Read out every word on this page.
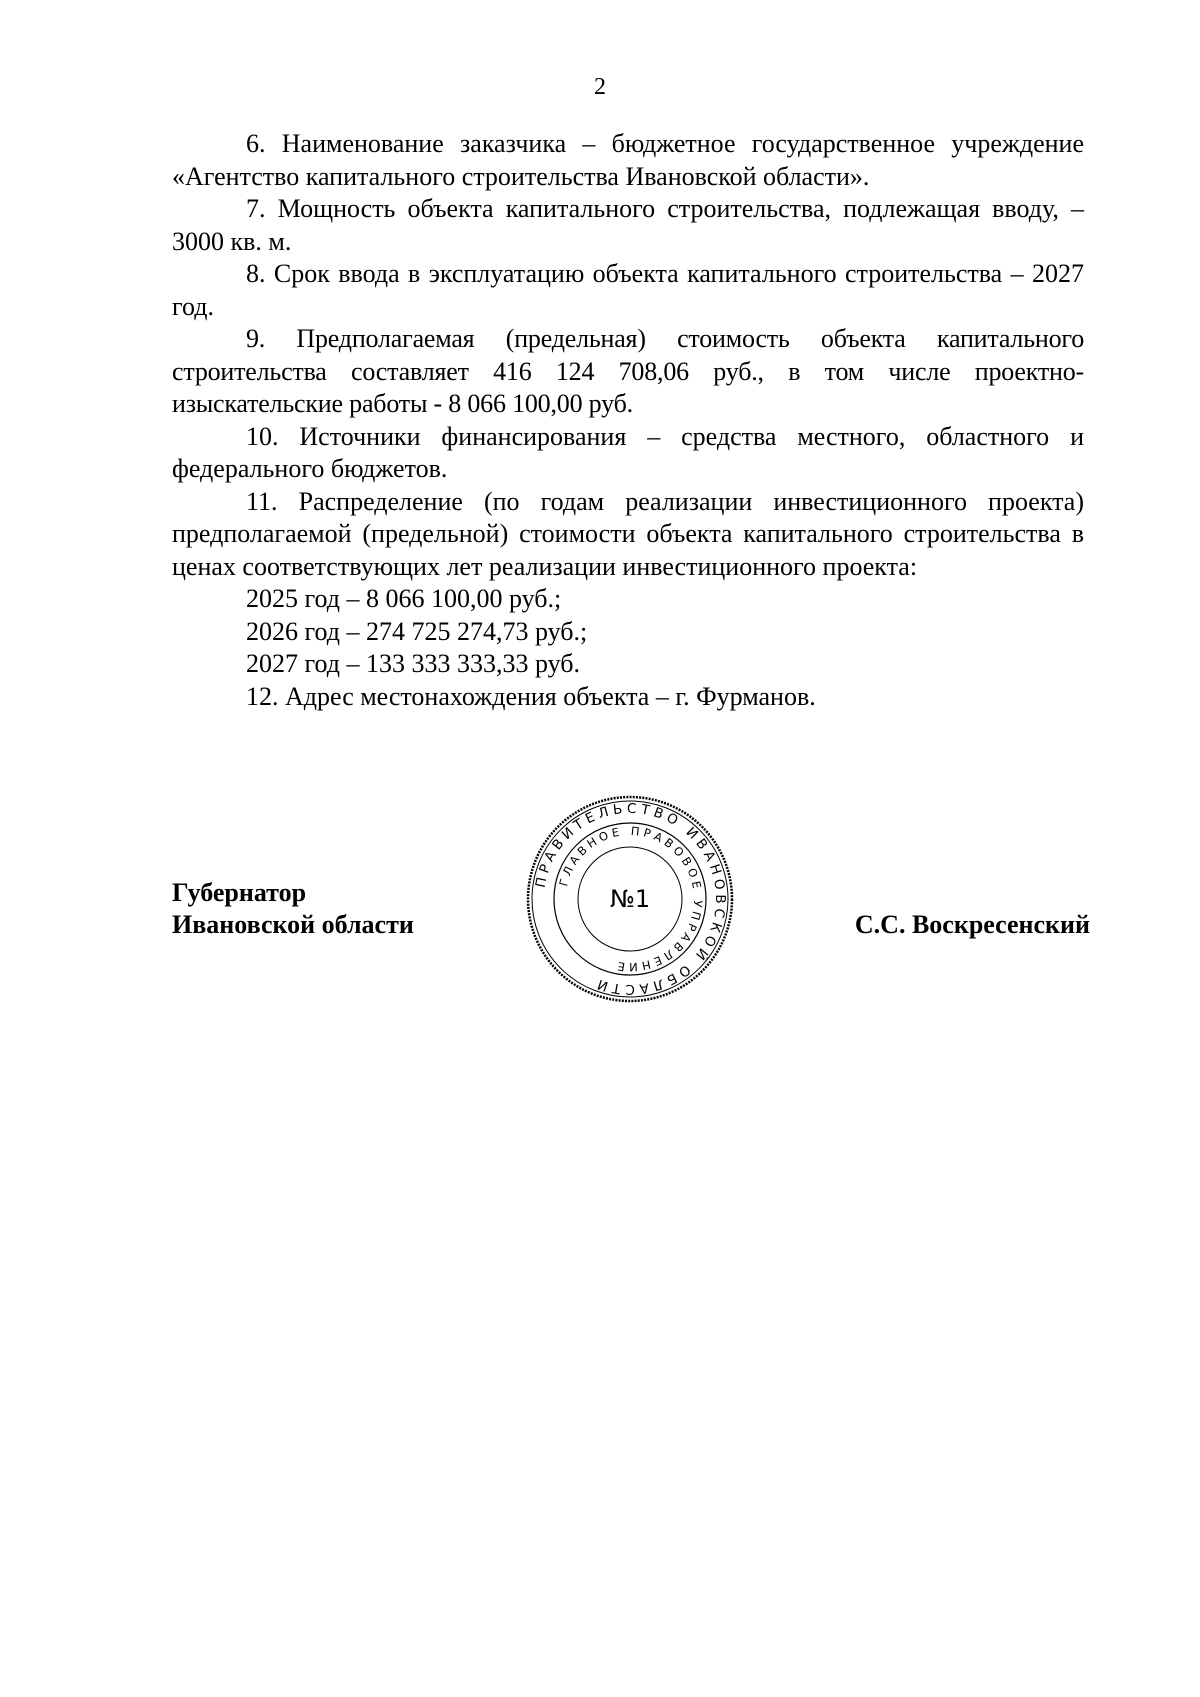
2

6. Наименование заказчика – бюджетное государственное учреждение «Агентство капитального строительства Ивановской области».

7. Мощность объекта капитального строительства, подлежащая вводу, – 3000 кв. м.

8. Срок ввода в эксплуатацию объекта капитального строительства – 2027 год.

9. Предполагаемая (предельная) стоимость объекта капитального строительства составляет 416 124 708,06 руб., в том числе проектно-изыскательские работы - 8 066 100,00 руб.

10. Источники финансирования – средства местного, областного и федерального бюджетов.

11. Распределение (по годам реализации инвестиционного проекта) предполагаемой (предельной) стоимости объекта капитального строительства в ценах соответствующих лет реализации инвестиционного проекта:

2025 год – 8 066 100,00 руб.;

2026 год – 274 725 274,73 руб.;

2027 год – 133 333 333,33 руб.

12. Адрес местонахождения объекта – г. Фурманов.

Губернатор
Ивановской области	С.С. Воскресенский
ПРАВИТЕЛЬСТВО ИВАНОВСКОЙ ОБЛАСТИ
ГЛАВНОЕ ПРАВОВОЕ УПРАВЛЕНИЕ
№1
